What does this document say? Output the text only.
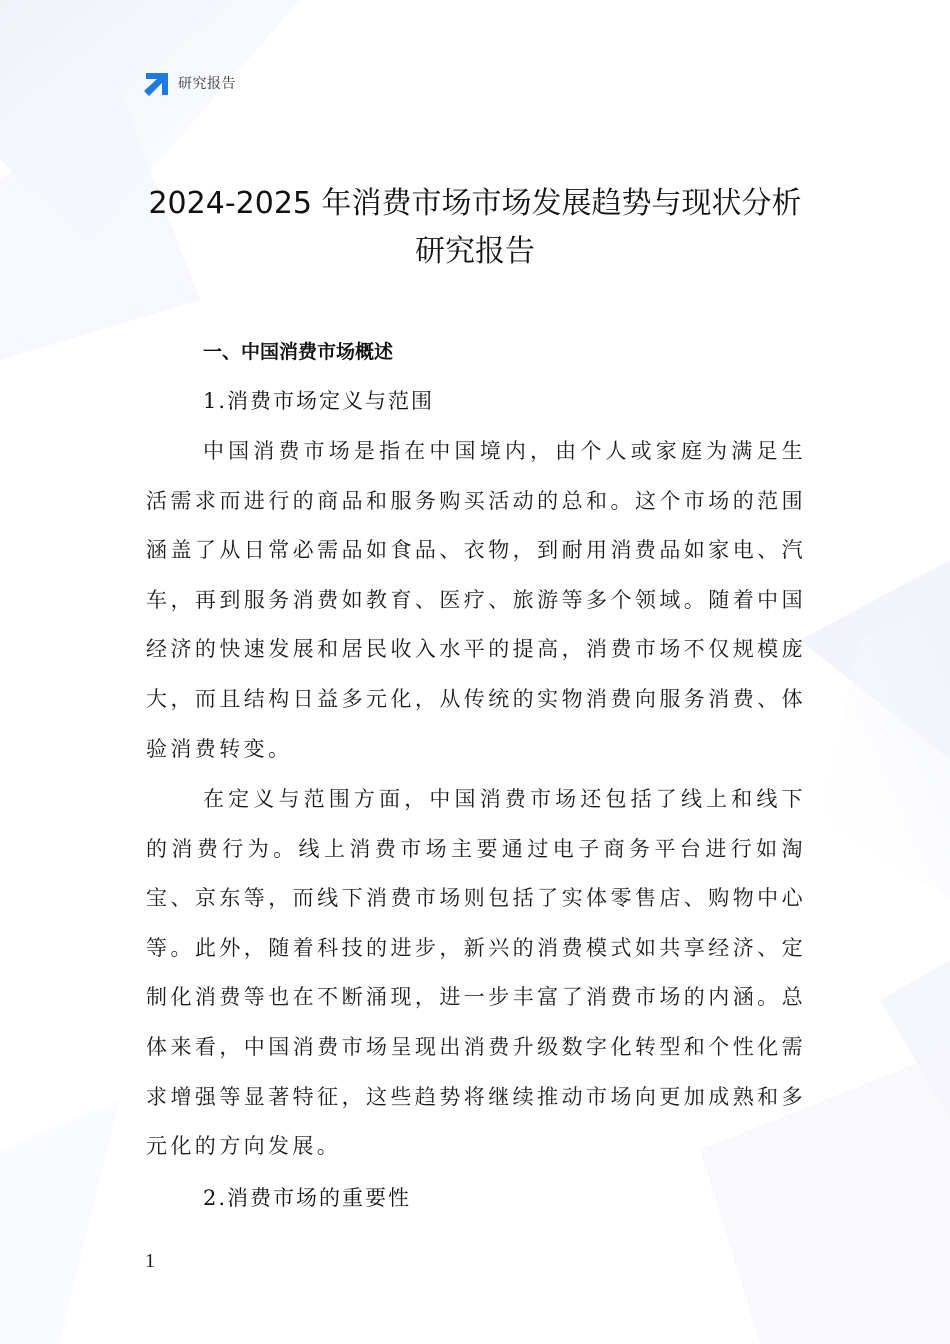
研究报告
2024-2025 年消费市场市场发展趋势与现状分析
研究报告
一、中国消费市场概述
1.消费市场定义与范围
中国消费市场是指在中国境内，由个人或家庭为满足生活需求而进行的商品和服务购买活动的总和。这个市场的范围涵盖了从日常必需品如食品、衣物，到耐用消费品如家电、汽车，再到服务消费如教育、医疗、旅游等多个领域。随着中国经济的快速发展和居民收入水平的提高，消费市场不仅规模庞大，而且结构日益多元化，从传统的实物消费向服务消费、体验消费转变。
在定义与范围方面，中国消费市场还包括了线上和线下的消费行为。线上消费市场主要通过电子商务平台进行如淘宝、京东等，而线下消费市场则包括了实体零售店、购物中心等。此外，随着科技的进步，新兴的消费模式如共享经济、定制化消费等也在不断涌现，进一步丰富了消费市场的内涵。总体来看，中国消费市场呈现出消费升级数字化转型和个性化需求增强等显著特征，这些趋势将继续推动市场向更加成熟和多元化的方向发展。
2.消费市场的重要性
1
